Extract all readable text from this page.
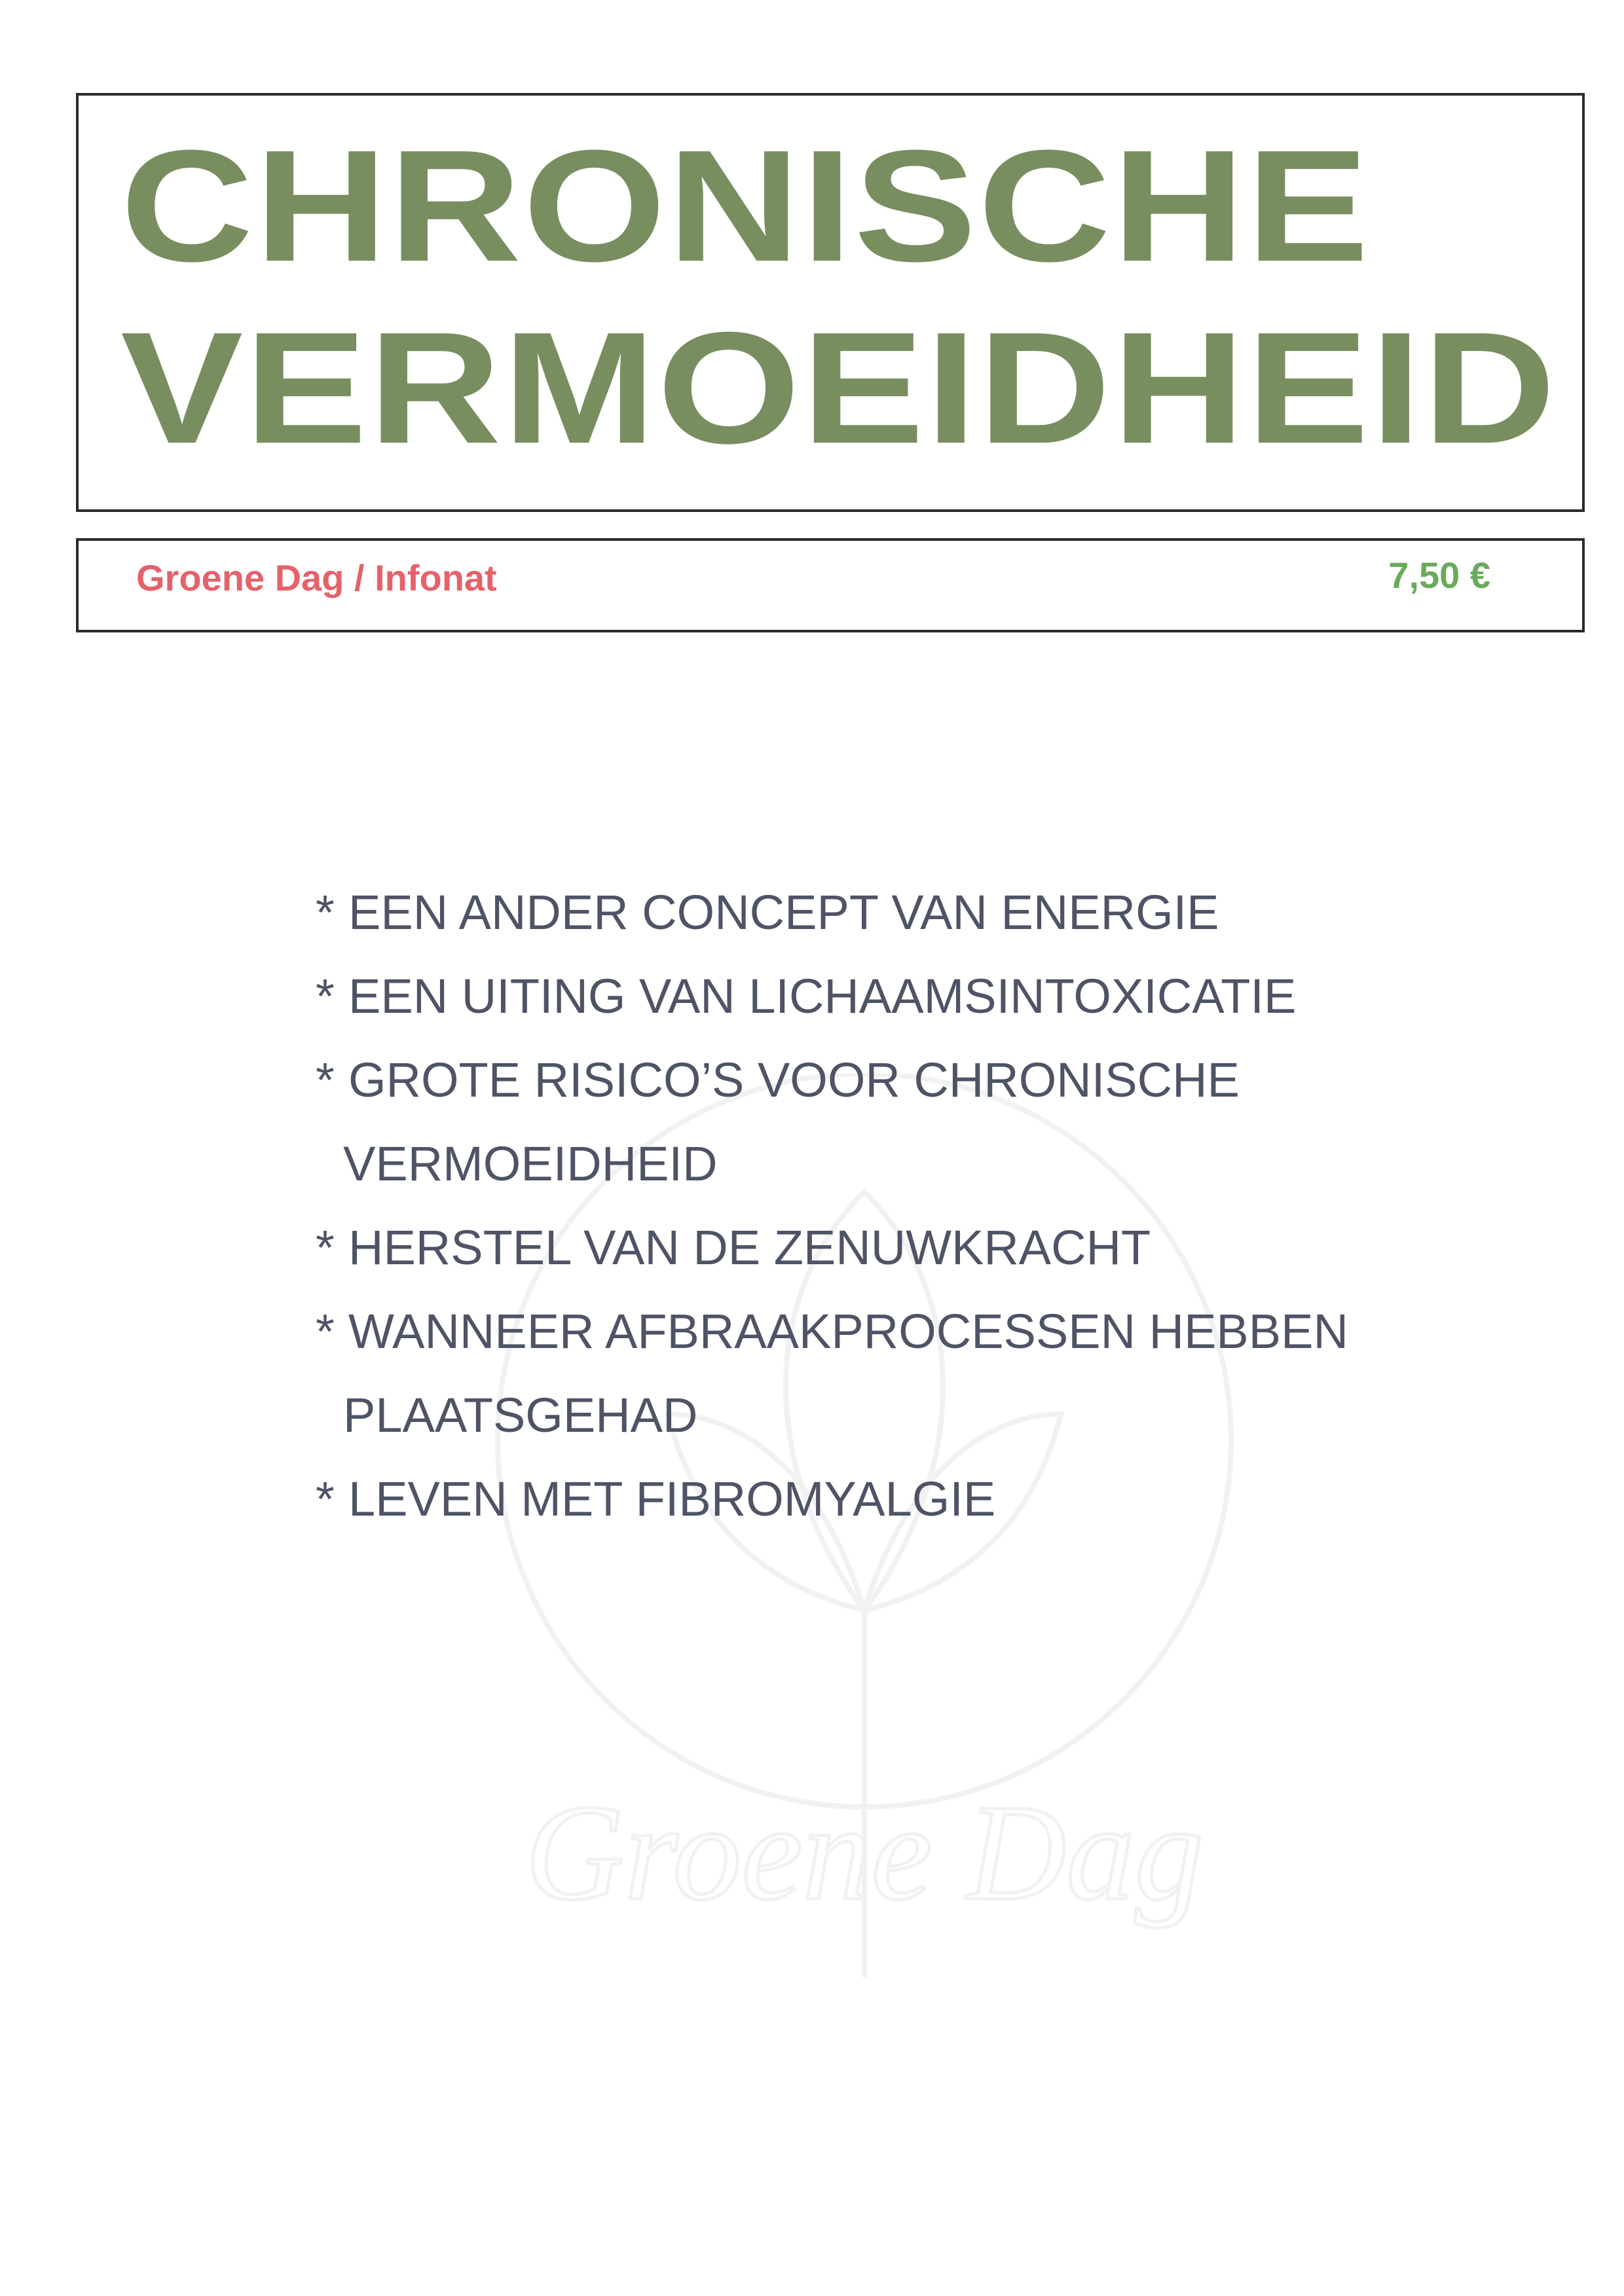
Groene Dag
CHRONISCHE
VERMOEIDHEID
Groene Dag / Infonat	7,50 €
* EEN ANDER CONCEPT VAN ENERGIE
* EEN UITING VAN LICHAAMSINTOXICATIE
* GROTE RISICO’S VOOR CHRONISCHE
VERMOEIDHEID
* HERSTEL VAN DE ZENUWKRACHT
* WANNEER AFBRAAKPROCESSEN HEBBEN
PLAATSGEHAD
* LEVEN MET FIBROMYALGIE
